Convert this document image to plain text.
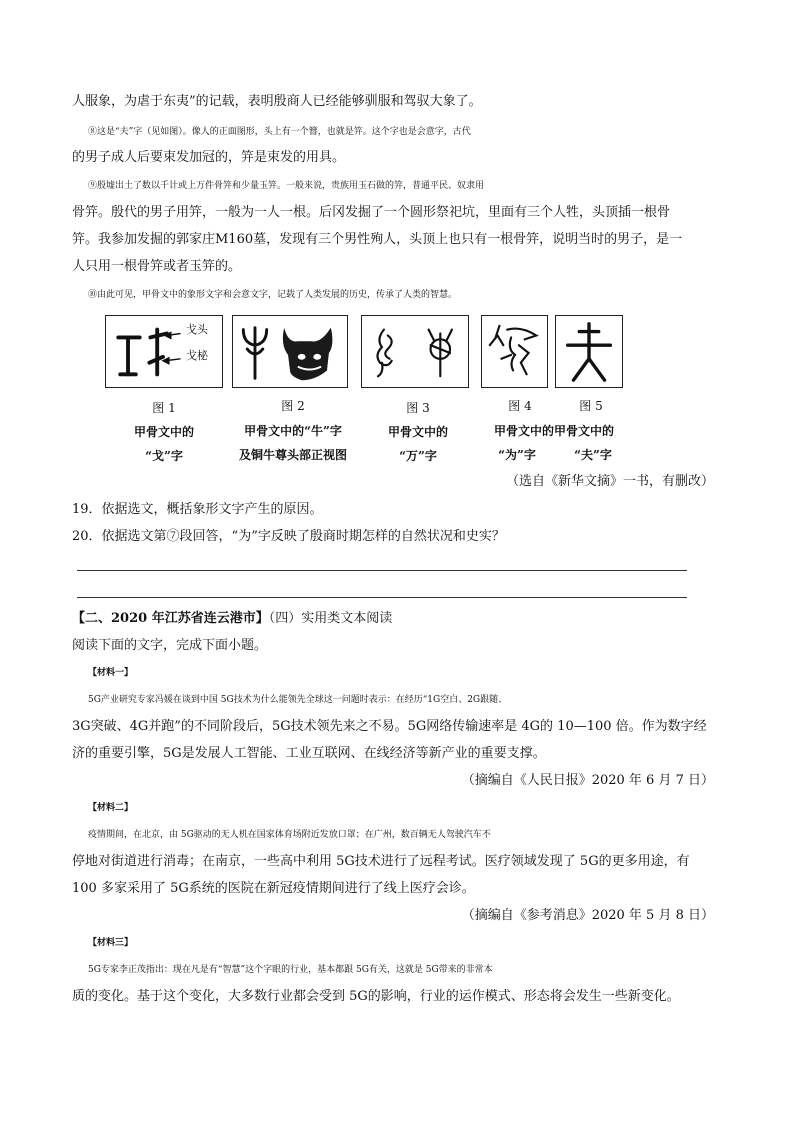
人服象，为虐于东夷”的记载，表明殷商人已经能够驯服和驾驭大象了。

⑧这是“夫”字（见如图）。像人的正面图形，头上有一个簪，也就是笄。这个字也是会意字，古代

的男子成人后要束发加冠的，笄是束发的用具。

⑨殷墟出土了数以千计或上万件骨笄和少量玉笄。一般来说，贵族用玉石做的笄，普通平民、奴隶用

骨笄。殷代的男子用笄，一般为一人一根。后冈发掘了一个圆形祭祀坑，里面有三个人牲，头顶插一根骨

笄。我参加发掘的郭家庄M160墓，发现有三个男性殉人，头顶上也只有一根骨笄，说明当时的男子，是一

人只用一根骨笄或者玉笄的。

⑩由此可见，甲骨文中的象形文字和会意文字，记载了人类发展的历史，传承了人类的智慧。

戈头
戈柲
图 1	图 2	图 3	图 4	图 5
甲骨文中的
“戈”字
甲骨文中的“牛”字
及铜牛尊头部正视图
甲骨文中的
“万”字
甲骨文中的甲骨文中的
“为”字	“夫”字

（选自《新华文摘》一书，有删改）

19．依据选文，概括象形文字产生的原因。

20．依据选文第⑦段回答，“为”字反映了殷商时期怎样的自然状况和史实？

【二、2020 年江苏省连云港市】（四）实用类文本阅读

阅读下面的文字，完成下面小题。

【材料一】

5G产业研究专家冯媛在谈到中国 5G技术为什么能领先全球这一问题时表示：在经历“1G空白、2G跟随、

3G突破、4G并跑”的不同阶段后，5G技术领先来之不易。5G网络传输速率是 4G的 10—100 倍。作为数字经

济的重要引擎，5G是发展人工智能、工业互联网、在线经济等新产业的重要支撑。

（摘编自《人民日报》2020 年 6 月 7 日）

【材料二】

疫情期间，在北京，由 5G驱动的无人机在国家体育场附近发放口罩；在广州，数百辆无人驾驶汽车不

停地对街道进行消毒；在南京，一些高中利用 5G技术进行了远程考试。医疗领域发现了 5G的更多用途，有

100 多家采用了 5G系统的医院在新冠疫情期间进行了线上医疗会诊。

（摘编自《参考消息》2020 年 5 月 8 日）

【材料三】

5G专家李正茂指出：现在凡是有“智慧”这个字眼的行业，基本都跟 5G有关，这就是 5G带来的非常本

质的变化。基于这个变化，大多数行业都会受到 5G的影响，行业的运作模式、形态将会发生一些新变化。
